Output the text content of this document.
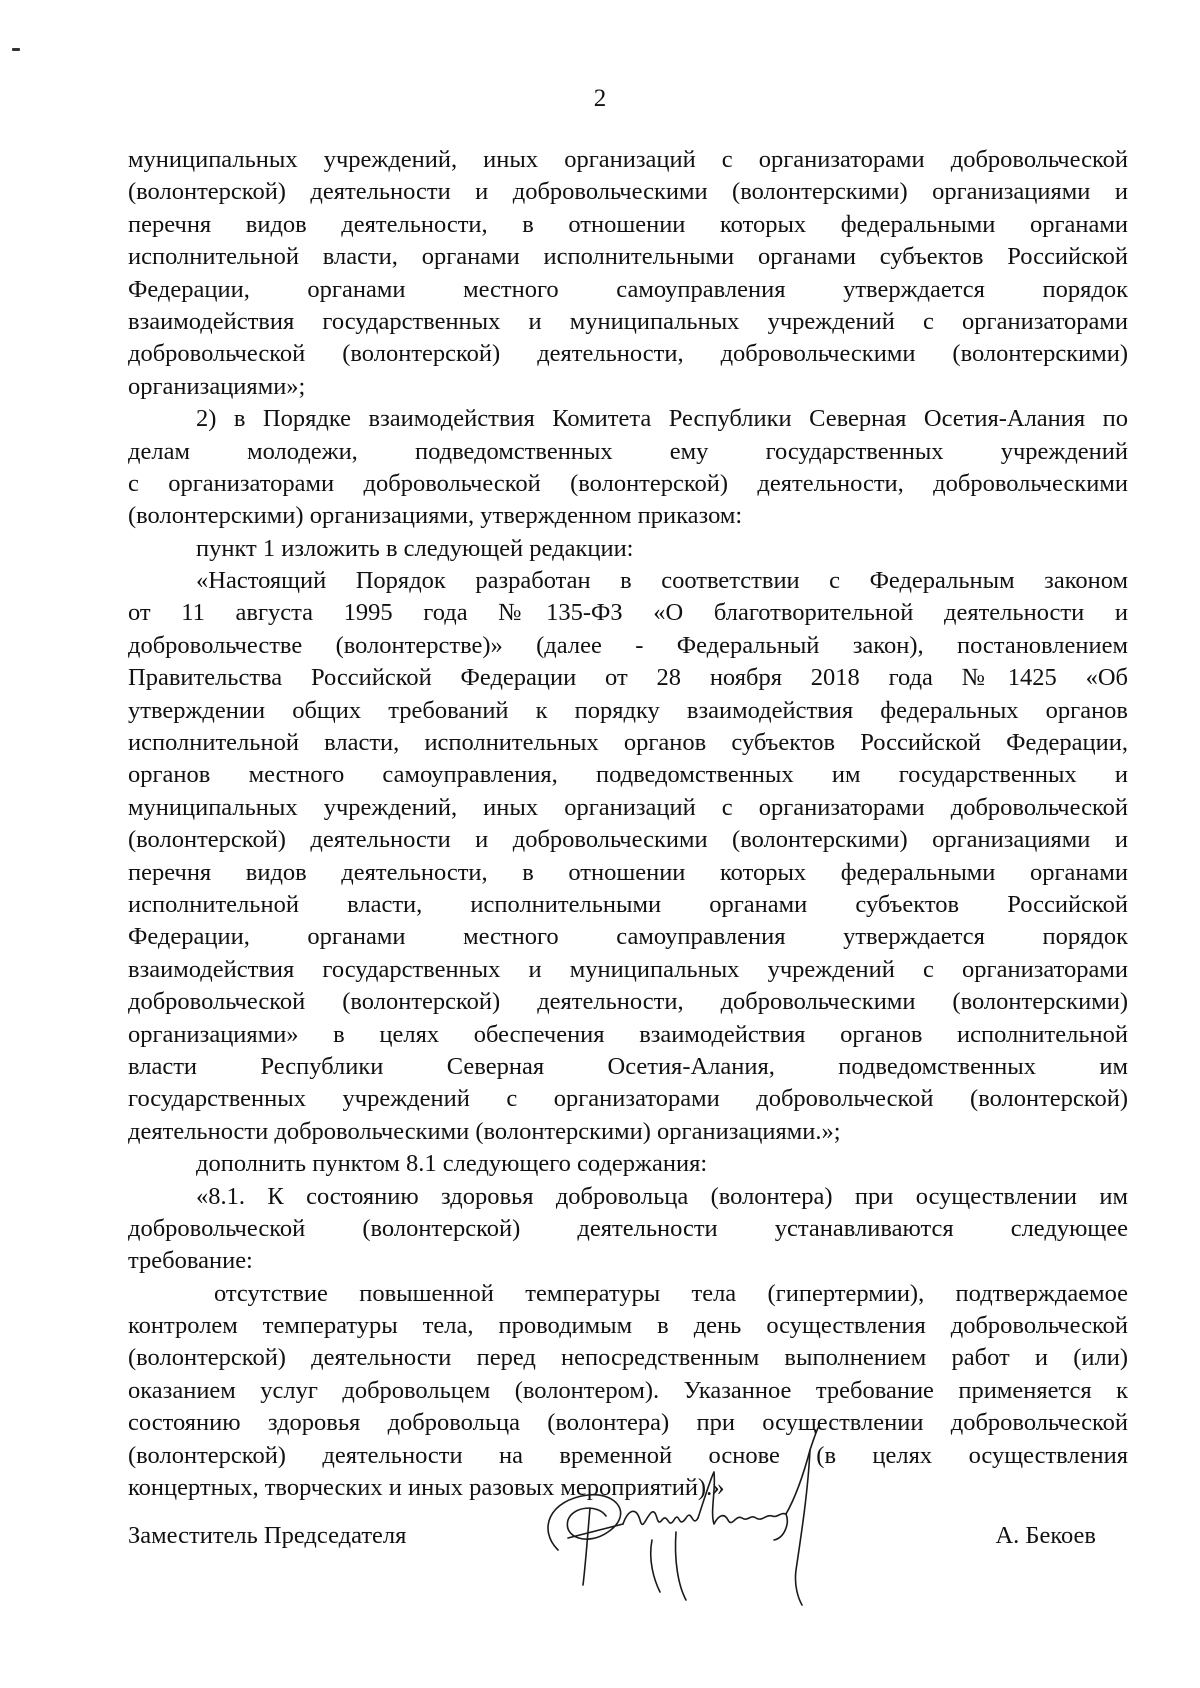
2
муниципальных учреждений, иных организаций с организаторами добровольческой
(волонтерской) деятельности и добровольческими (волонтерскими) организациями и
перечня видов деятельности, в отношении которых федеральными органами
исполнительной власти, органами исполнительными органами субъектов Российской
Федерации, органами местного самоуправления утверждается порядок
взаимодействия государственных и муниципальных учреждений с организаторами
добровольческой (волонтерской) деятельности, добровольческими (волонтерскими)
организациями»;
2) в Порядке взаимодействия Комитета Республики Северная Осетия-Алания по
делам молодежи, подведомственных ему государственных учреждений
с организаторами добровольческой (волонтерской) деятельности, добровольческими
(волонтерскими) организациями, утвержденном приказом:
пункт 1 изложить в следующей редакции:
«Настоящий Порядок разработан в соответствии с Федеральным законом
от 11 августа 1995 года №135-ФЗ «О благотворительной деятельности и
добровольчестве (волонтерстве)» (далее - Федеральный закон), постановлением
Правительства Российской Федерации от 28 ноября 2018 года №1425 «Об
утверждении общих требований к порядку взаимодействия федеральных органов
исполнительной власти, исполнительных органов субъектов Российской Федерации,
органов местного самоуправления, подведомственных им государственных и
муниципальных учреждений, иных организаций с организаторами добровольческой
(волонтерской) деятельности и добровольческими (волонтерскими) организациями и
перечня видов деятельности, в отношении которых федеральными органами
исполнительной власти, исполнительными органами субъектов Российской
Федерации, органами местного самоуправления утверждается порядок
взаимодействия государственных и муниципальных учреждений с организаторами
добровольческой (волонтерской) деятельности, добровольческими (волонтерскими)
организациями» в целях обеспечения взаимодействия органов исполнительной
власти Республики Северная Осетия-Алания, подведомственных им
государственных учреждений с организаторами добровольческой (волонтерской)
деятельности добровольческими (волонтерскими) организациями.»;
дополнить пунктом 8.1 следующего содержания:
«8.1. К состоянию здоровья добровольца (волонтера) при осуществлении им
добровольческой (волонтерской) деятельности устанавливаются следующее
требование:
отсутствие повышенной температуры тела (гипертермии), подтверждаемое
контролем температуры тела, проводимым в день осуществления добровольческой
(волонтерской) деятельности перед непосредственным выполнением работ и (или)
оказанием услуг добровольцем (волонтером). Указанное требование применяется к
состоянию здоровья добровольца (волонтера) при осуществлении добровольческой
(волонтерской) деятельности на временной основе (в целях осуществления
концертных, творческих и иных разовых мероприятий).»
Заместитель Председателя	А. Бекоев
